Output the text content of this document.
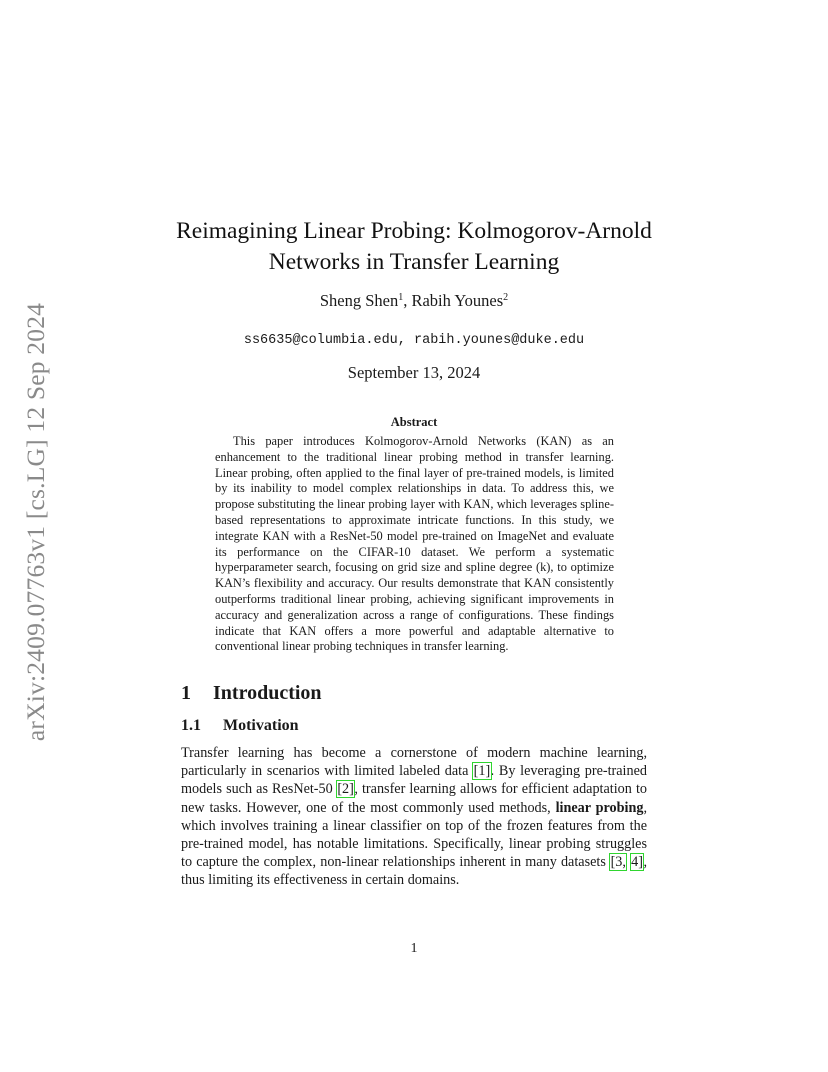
arXiv:2409.07763v1 [cs.LG] 12 Sep 2024
Reimagining Linear Probing: Kolmogorov-Arnold
Networks in Transfer Learning
Sheng Shen$^1$, Rabih Younes$^2$
ss6635@columbia.edu, rabih.younes@duke.edu
September 13, 2024
Abstract
This paper introduces Kolmogorov-Arnold Networks (KAN) as an enhancement to the traditional linear probing method in transfer learning. Linear probing, often applied to the final layer of pre-trained models, is limited by its inability to model complex relationships in data. To address this, we propose substituting the linear probing layer with KAN, which leverages spline-based representations to approximate intricate functions. In this study, we integrate KAN with a ResNet-50 model pre-trained on ImageNet and evaluate its performance on the CIFAR-10 dataset. We perform a systematic hyperparameter search, focusing on grid size and spline degree (k), to optimize KAN’s flexibility and accuracy. Our results demonstrate that KAN consistently outperforms traditional linear probing, achieving significant improvements in accuracy and generalization across a range of configurations. These findings indicate that KAN offers a more powerful and adaptable alternative to conventional linear probing techniques in transfer learning.
1 Introduction
1.1 Motivation
Transfer learning has become a cornerstone of modern machine learning, particularly in scenarios with limited labeled data [1]. By leveraging pre-trained models such as ResNet-50 [2], transfer learning allows for efficient adaptation to new tasks. However, one of the most commonly used methods, linear probing, which involves training a linear classifier on top of the frozen features from the pre-trained model, has notable limitations. Specifically, linear probing struggles to capture the complex, non-linear relationships inherent in many datasets [3, 4], thus limiting its effectiveness in certain domains.
1
